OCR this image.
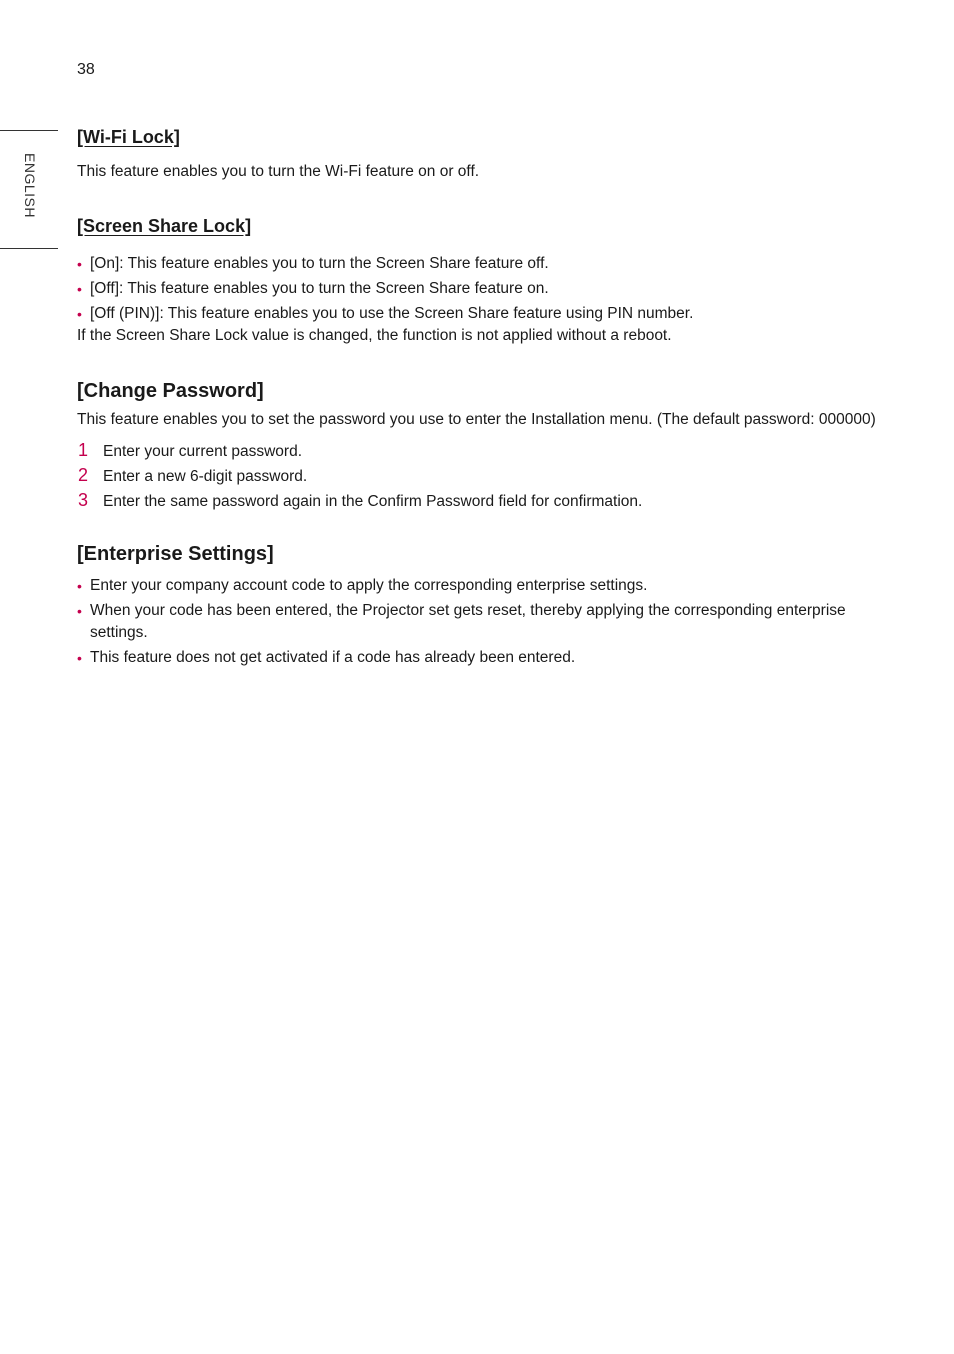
38
ENGLISH
[Wi-Fi Lock]
This feature enables you to turn the Wi-Fi feature on or off.
[Screen Share Lock]
• [On]: This feature enables you to turn the Screen Share feature off.
• [Off]: This feature enables you to turn the Screen Share feature on.
• [Off (PIN)]: This feature enables you to use the Screen Share feature using PIN number.
If the Screen Share Lock value is changed, the function is not applied without a reboot.
[Change Password]
This feature enables you to set the password you use to enter the Installation menu. (The default password: 000000)
1 Enter your current password.
2 Enter a new 6-digit password.
3 Enter the same password again in the Confirm Password field for confirmation.
[Enterprise Settings]
• Enter your company account code to apply the corresponding enterprise settings.
• When your code has been entered, the Projector set gets reset, thereby applying the corresponding enterprise settings.
• This feature does not get activated if a code has already been entered.
